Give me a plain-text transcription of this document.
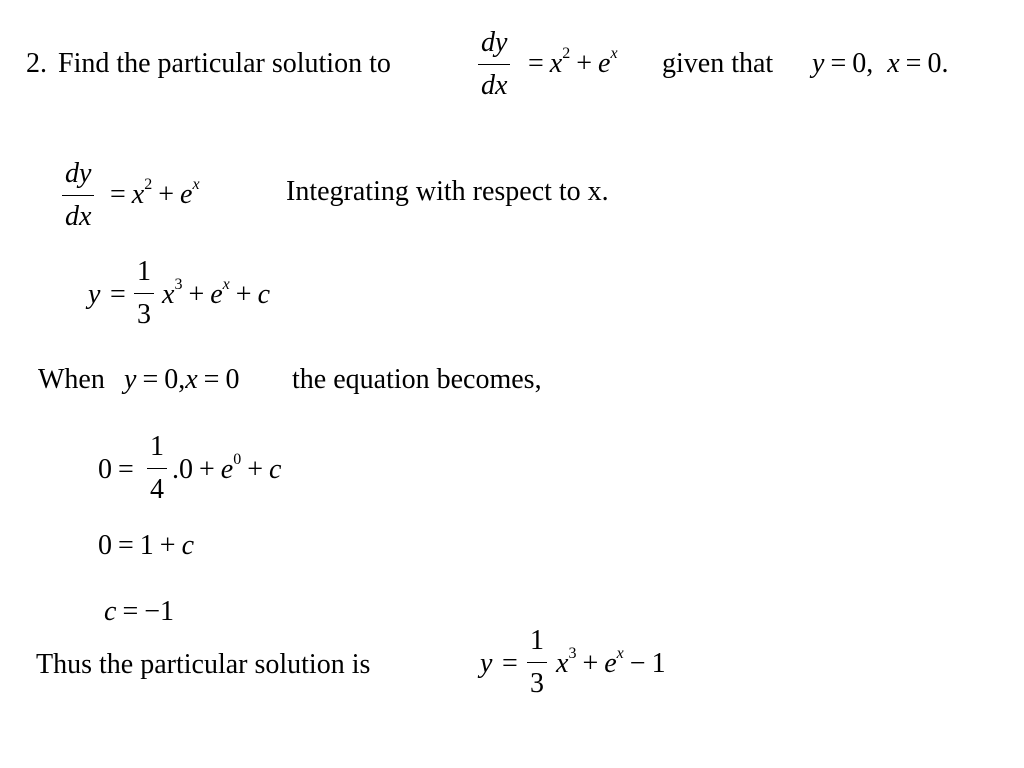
2. Find the particular solution to
dy
dx
= $x^2 + e^x$ given that y = 0, x = 0.
dy
dx
= $x^2 + e^x$	Integrating with respect to x.
y =
1
3
$x^3 + e^x + c$
When y = 0,x = 0 the equation becomes,
0 =
1
4
$.0 + e^0 + c$
0 = 1 + c
c = −1
Thus the particular solution is	y =
1
3
$x^3 + e^x - 1$
